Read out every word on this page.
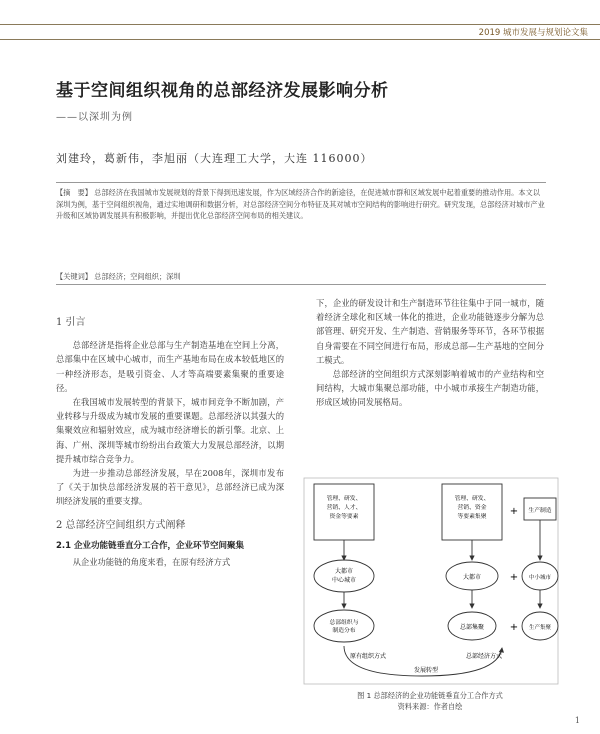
2019 城市发展与规划论文集
基于空间组织视角的总部经济发展影响分析
——以深圳为例
刘建玲，葛新伟，李旭丽（大连理工大学，大连 116000）
【摘　要】 总部经济在我国城市发展规划的背景下得到迅速发展，作为区域经济合作的新途径，在促进城市群和区域发展中起着重要的推动作用。本文以深圳为例，基于空间组织视角，通过实地调研和数据分析，对总部经济空间分布特征及其对城市空间结构的影响进行研究。研究发现，总部经济对城市产业升级和区域协调发展具有积极影响，并提出优化总部经济空间布局的相关建议。
【关键词】 总部经济；空间组织；深圳
1 引言

总部经济是指将企业总部与生产制造基地在空间上分离，总部集中在区域中心城市，而生产基地布局在成本较低地区的一种经济形态，是吸引资金、人才等高端要素集聚的重要途径。

在我国城市发展转型的背景下，城市间竞争不断加剧，产业转移与升级成为城市发展的重要课题。总部经济以其强大的集聚效应和辐射效应，成为城市经济增长的新引擎。北京、上海、广州、深圳等城市纷纷出台政策大力发展总部经济，以期提升城市综合竞争力。

为进一步推动总部经济发展，早在2008年，深圳市发布了《关于加快总部经济发展的若干意见》，总部经济已成为深圳经济发展的重要支撑。

2 总部经济空间组织方式阐释
2.1 企业功能链垂直分工合作，企业环节空间聚集

从企业功能链的角度来看，在原有经济方式

下，企业的研发设计和生产制造环节往往集中于同一城市，随着经济全球化和区域一体化的推进，企业功能链逐步分解为总部管理、研究开发、生产制造、营销服务等环节，各环节根据自身需要在不同空间进行布局，形成总部—生产基地的空间分工模式。

总部经济的空间组织方式深刻影响着城市的产业结构和空间结构，大城市集聚总部功能，中小城市承接生产制造功能，形成区域协同发展格局。

管理、研发、营销、人才、资金等要素
大都市中心城市
总部组织与制造分布
管理、研发、营销、资金等要素集聚 + 生产制造
大都市	+ 中小城市
总部集聚	+ 生产集聚
原有组织方式	总部经济方式
发展转型
图 1 总部经济的企业功能链垂直分工合作方式
资料来源：作者自绘
1
